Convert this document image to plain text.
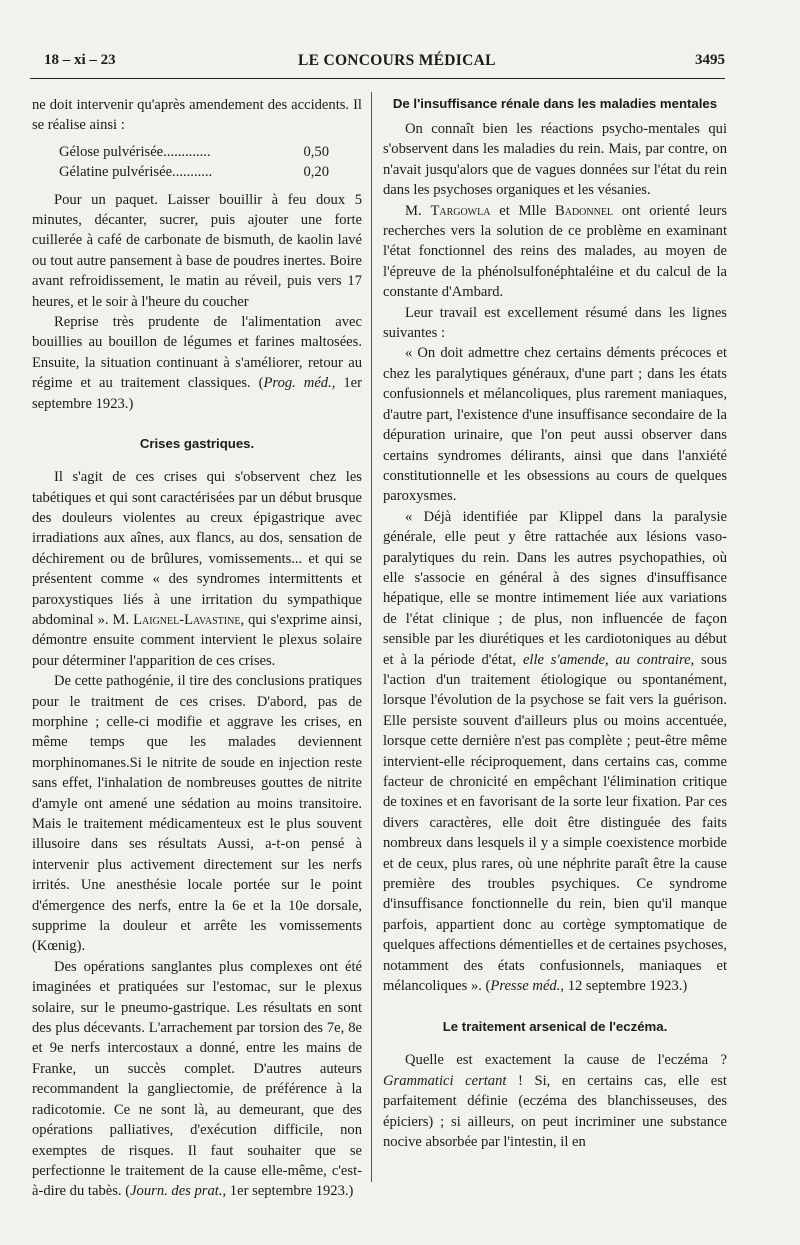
18 – xi – 23	LE CONCOURS MÉDICAL	3495

ne doit intervenir qu'après amendement des accidents. Il se réalise ainsi :

Gélose pulvérisée.............	0,50
Gélatine pulvérisée...........	0,20

Pour un paquet. Laisser bouillir à feu doux 5 minutes, décanter, sucrer, puis ajouter une forte cuillerée à café de carbonate de bismuth, de kaolin lavé ou tout autre pansement à base de poudres inertes. Boire avant refroidissement, le matin au réveil, puis vers 17 heures, et le soir à l'heure du coucher

Reprise très prudente de l'alimentation avec bouillies au bouillon de légumes et farines maltosées. Ensuite, la situation continuant à s'améliorer, retour au régime et au traitement classiques. (Prog. méd., 1er septembre 1923.)

Crises gastriques.

Il s'agit de ces crises qui s'observent chez les tabétiques et qui sont caractérisées par un début brusque des douleurs violentes au creux épigastrique avec irradiations aux aînes, aux flancs, au dos, sensation de déchirement ou de brûlures, vomissements... et qui se présentent comme « des syndromes intermittents et paroxystiques liés à une irritation du sympathique abdominal ». M. Laignel-Lavastine, qui s'exprime ainsi, démontre ensuite comment intervient le plexus solaire pour déterminer l'apparition de ces crises.

De cette pathogénie, il tire des conclusions pratiques pour le traitment de ces crises. D'abord, pas de morphine ; celle-ci modifie et aggrave les crises, en même temps que les malades deviennent morphinomanes.Si le nitrite de soude en injection reste sans effet, l'inhalation de nombreuses gouttes de nitrite d'amyle ont amené une sédation au moins transitoire. Mais le traitement médicamenteux est le plus souvent illusoire dans ses résultats Aussi, a-t-on pensé à intervenir plus activement directement sur les nerfs irrités. Une anesthésie locale portée sur le point d'émergence des nerfs, entre la 6e et la 10e dorsale, supprime la douleur et arrête les vomissements (Kœnig).

Des opérations sanglantes plus complexes ont été imaginées et pratiquées sur l'estomac, sur le plexus solaire, sur le pneumo-gastrique. Les résultats en sont des plus décevants. L'arrachement par torsion des 7e, 8e et 9e nerfs intercostaux a donné, entre les mains de Franke, un succès complet. D'autres auteurs recommandent la gangliectomie, de préférence à la radicotomie. Ce ne sont là, au demeurant, que des opérations palliatives, d'exécution difficile, non exemptes de risques. Il faut souhaiter que se perfectionne le traitement de la cause elle-même, c'est-à-dire du tabès. (Journ. des prat., 1er septembre 1923.)

De l'insuffisance rénale dans les maladies mentales

On connaît bien les réactions psycho-mentales qui s'observent dans les maladies du rein. Mais, par contre, on n'avait jusqu'alors que de vagues données sur l'état du rein dans les psychoses organiques et les vésanies.

M. Targowla et Mlle Badonnel ont orienté leurs recherches vers la solution de ce problème en examinant l'état fonctionnel des reins des malades, au moyen de l'épreuve de la phénolsulfonéphtaléine et du calcul de la constante d'Ambard.

Leur travail est excellement résumé dans les lignes suivantes :

« On doit admettre chez certains déments précoces et chez les paralytiques généraux, d'une part ; dans les états confusionnels et mélancoliques, plus rarement maniaques, d'autre part, l'existence d'une insuffisance secondaire de la dépuration urinaire, que l'on peut aussi observer dans certains syndromes délirants, ainsi que dans l'anxiété constitutionnelle et les obsessions au cours de quelques paroxysmes.

« Déjà identifiée par Klippel dans la paralysie générale, elle peut y être rattachée aux lésions vaso-paralytiques du rein. Dans les autres psychopathies, où elle s'associe en général à des signes d'insuffisance hépatique, elle se montre intimement liée aux variations de l'état clinique ; de plus, non influencée de façon sensible par les diurétiques et les cardiotoniques au début et à la période d'état, elle s'amende, au contraire, sous l'action d'un traitement étiologique ou spontanément, lorsque l'évolution de la psychose se fait vers la guérison. Elle persiste souvent d'ailleurs plus ou moins accentuée, lorsque cette dernière n'est pas complète ; peut-être même intervient-elle réciproquement, dans certains cas, comme facteur de chronicité en empêchant l'élimination critique de toxines et en favorisant de la sorte leur fixation. Par ces divers caractères, elle doit être distinguée des faits nombreux dans lesquels il y a simple coexistence morbide et de ceux, plus rares, où une néphrite paraît être la cause première des troubles psychiques. Ce syndrome d'insuffisance fonctionnelle du rein, bien qu'il manque parfois, appartient donc au cortège symptomatique de quelques affections démentielles et de certaines psychoses, notamment des états confusionnels, maniaques et mélancoliques ». (Presse méd., 12 septembre 1923.)

Le traitement arsenical de l'eczéma.

Quelle est exactement la cause de l'eczéma ? Grammatici certant ! Si, en certains cas, elle est parfaitement définie (eczéma des blanchisseuses, des épiciers) ; si ailleurs, on peut incriminer une substance nocive absorbée par l'intestin, il en
